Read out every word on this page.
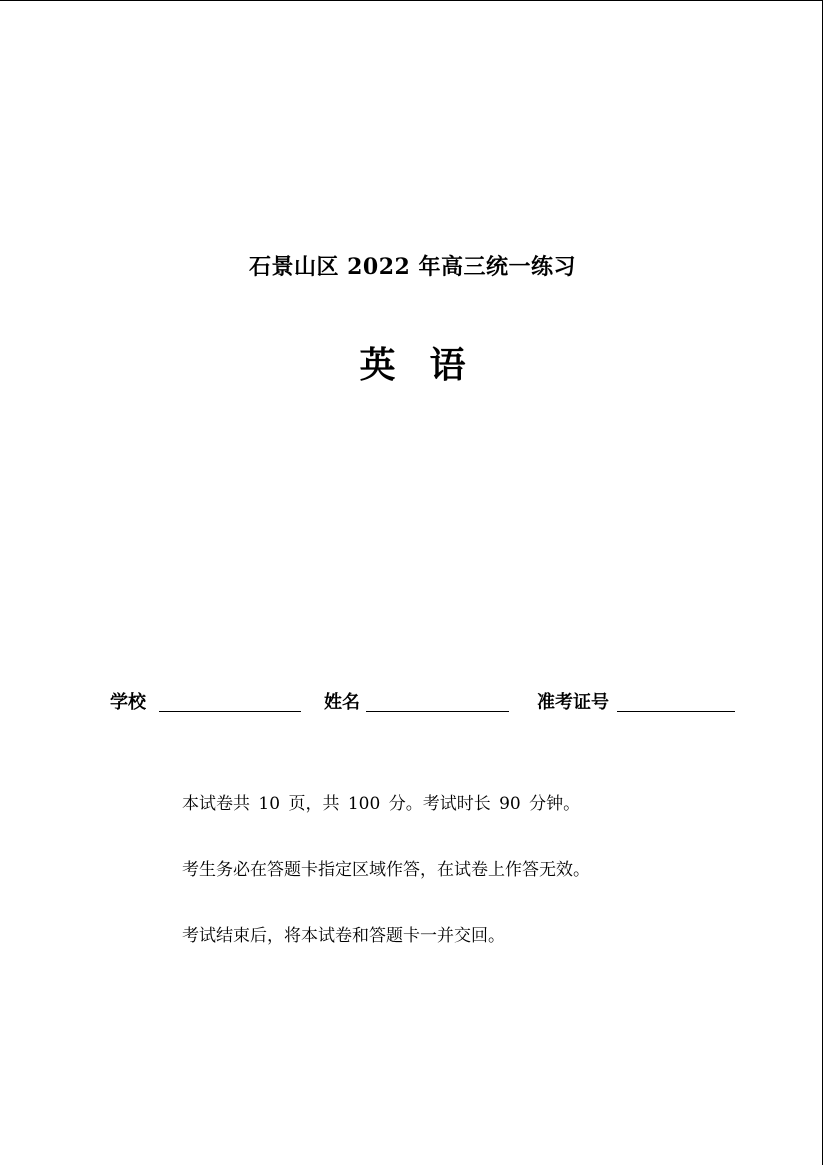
石景山区 2022 年高三统一练习
英语
学校	姓名	准考证号
本试卷共 10 页，共 100 分。考试时长 90 分钟。
考生务必在答题卡指定区域作答，在试卷上作答无效。
考试结束后，将本试卷和答题卡一并交回。
